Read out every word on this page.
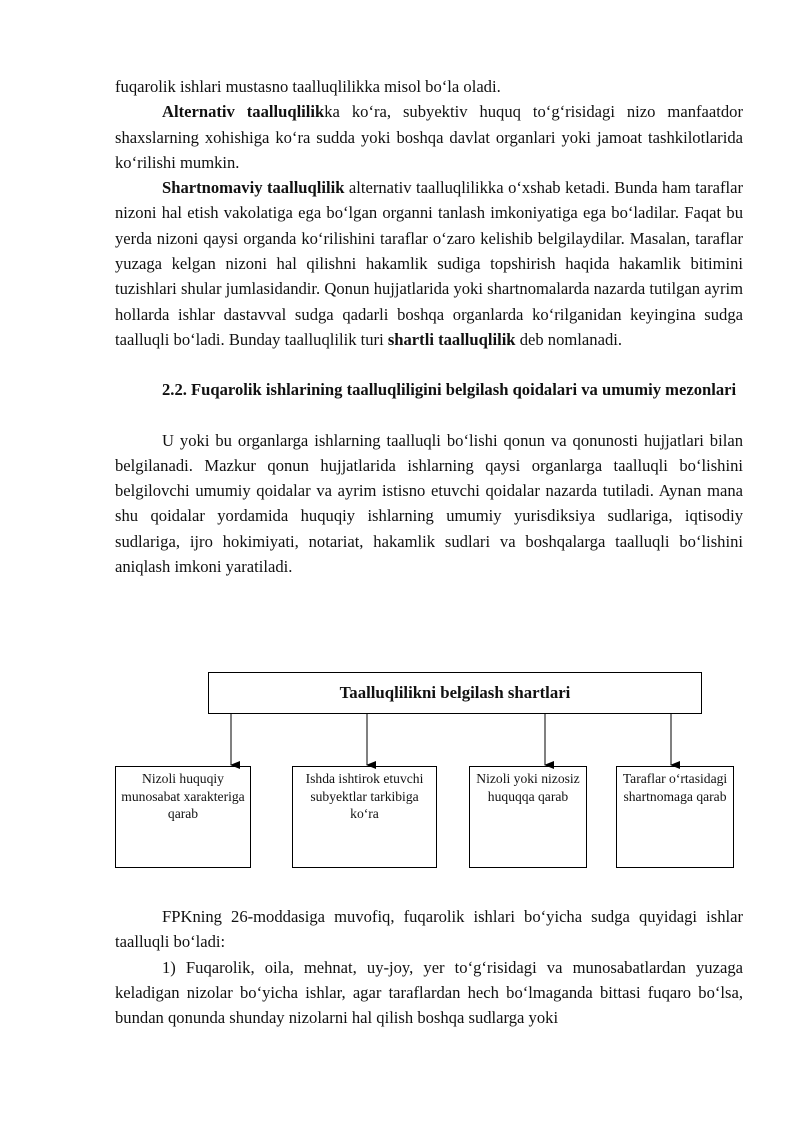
fuqarolik ishlari mustasno taalluqlilikka misol bo‘la oladi.

Alternativ taalluqlilikka ko‘ra, subyektiv huquq to‘g‘risidagi nizo manfaatdor shaxslarning xohishiga ko‘ra sudda yoki boshqa davlat organlari yoki jamoat tashkilotlarida ko‘rilishi mumkin.

Shartnomaviy taalluqlilik alternativ taalluqlilikka o‘xshab ketadi. Bunda ham taraflar nizoni hal etish vakolatiga ega bo‘lgan organni tanlash imkoniyatiga ega bo‘ladilar. Faqat bu yerda nizoni qaysi organda ko‘rilishini taraflar o‘zaro kelishib belgilaydilar. Masalan, taraflar yuzaga kelgan nizoni hal qilishni hakamlik sudiga topshirish haqida hakamlik bitimini tuzishlari shular jumlasidandir. Qonun hujjatlarida yoki shartnomalarda nazarda tutilgan ayrim hollarda ishlar dastavval sudga qadarli boshqa organlarda ko‘rilganidan keyingina sudga taalluqli bo‘ladi. Bunday taalluqlilik turi shartli taalluqlilik deb nomlanadi.

2.2. Fuqarolik ishlarining taalluqliligini belgilash qoidalari va umumiy mezonlari

U yoki bu organlarga ishlarning taalluqli bo‘lishi qonun va qonunosti hujjatlari bilan belgilanadi. Mazkur qonun hujjatlarida ishlarning qaysi organlarga taalluqli bo‘lishini belgilovchi umumiy qoidalar va ayrim istisno etuvchi qoidalar nazarda tutiladi. Aynan mana shu qoidalar yordamida huquqiy ishlarning umumiy yurisdiksiya sudlariga, iqtisodiy sudlariga, ijro hokimiyati, notariat, hakamlik sudlari va boshqalarga taalluqli bo‘lishini aniqlash imkoni yaratiladi.

Taalluqlilikni belgilash shartlari
Nizoli huquqiy munosabat xarakteriga qarab
Ishda ishtirok etuvchi subyektlar tarkibiga ko‘ra
Nizoli yoki nizosiz huquqqa qarab
Taraflar o‘rtasidagi shartnomaga qarab

FPKning 26-moddasiga muvofiq, fuqarolik ishlari bo‘yicha sudga quyidagi ishlar taalluqli bo‘ladi:

1) Fuqarolik, oila, mehnat, uy-joy, yer to‘g‘risidagi va munosabatlardan yuzaga keladigan nizolar bo‘yicha ishlar, agar taraflardan hech bo‘lmaganda bittasi fuqaro bo‘lsa, bundan qonunda shunday nizolarni hal qilish boshqa sudlarga yoki
